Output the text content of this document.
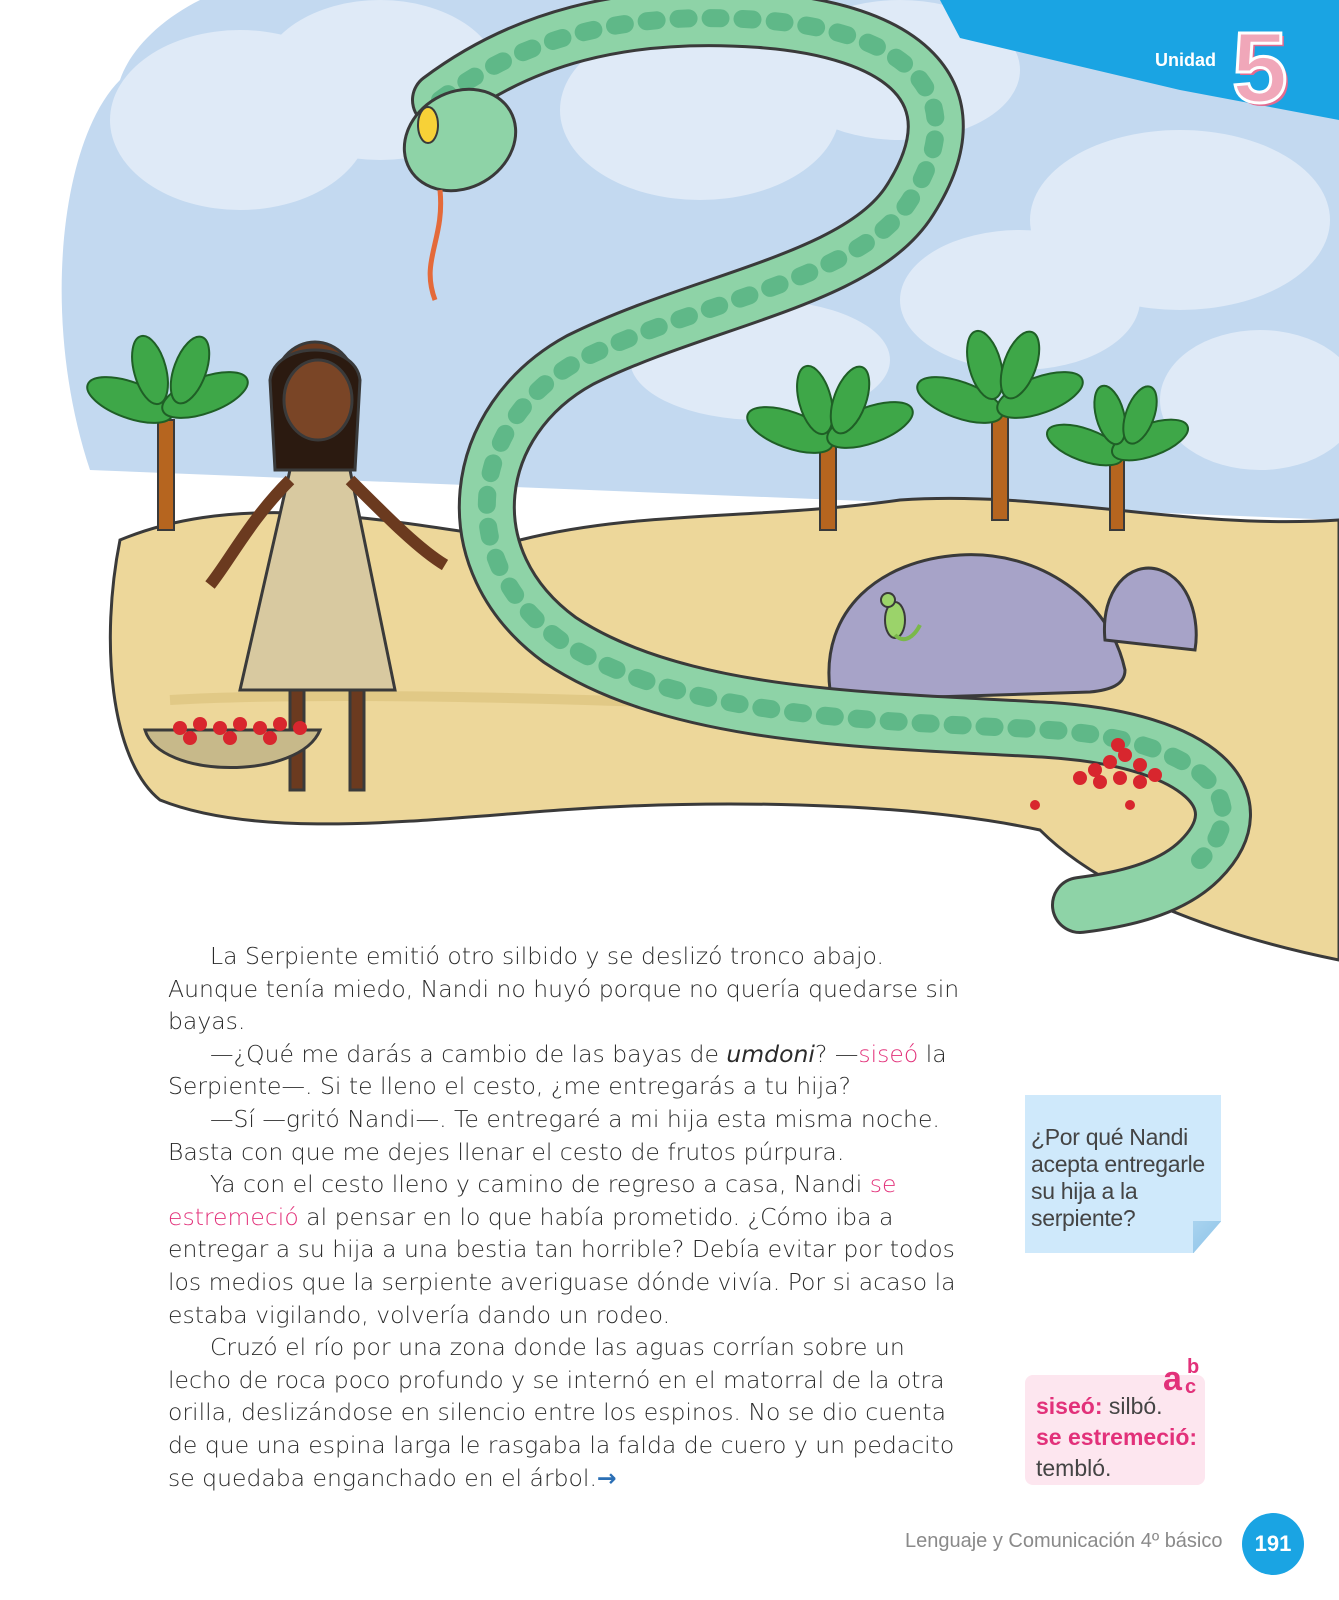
Unidad 5

La Serpiente emitió otro silbido y se deslizó tronco abajo. Aunque tenía miedo, Nandi no huyó porque no quería quedarse sin bayas.

—¿Qué me darás a cambio de las bayas de umdoni? —siseó la Serpiente—. Si te lleno el cesto, ¿me entregarás a tu hija?

—Sí —gritó Nandi—. Te entregaré a mi hija esta misma noche. Basta con que me dejes llenar el cesto de frutos púrpura.

Ya con el cesto lleno y camino de regreso a casa, Nandi se estremeció al pensar en lo que había prometido. ¿Cómo iba a entregar a su hija a una bestia tan horrible? Debía evitar por todos los medios que la serpiente averiguase dónde vivía. Por si acaso la estaba vigilando, volvería dando un rodeo.

Cruzó el río por una zona donde las aguas corrían sobre un lecho de roca poco profundo y se internó en el matorral de la otra orilla, deslizándose en silencio entre los espinos. No se dio cuenta de que una espina larga le rasgaba la falda de cuero y un pedacito se quedaba enganchado en el árbol.→

¿Por qué Nandi acepta entregarle su hija a la serpiente?
a b
c
siseó: silbó.
se estremeció:
tembló.
Lenguaje y Comunicación 4º básico	191
